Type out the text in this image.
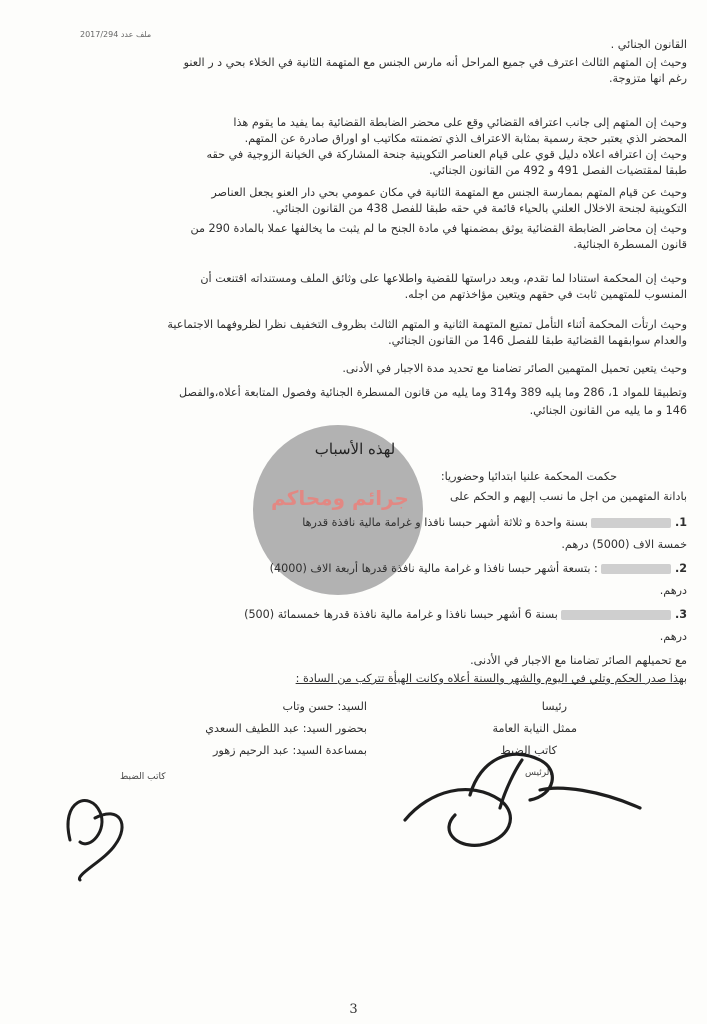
ملف عدد 2017/294
القانون الجنائي .
وحيث إن المتهم الثالث اعترف في جميع المراحل أنه مارس الجنس مع المتهمة الثانية في الخلاء بحي د ر العنو
رغم انها متزوجة.
وحيث إن المتهم إلى جانب اعترافه القضائي وقع على محضر الضابطة القضائية بما يفيد ما يقوم هذا
المحضر الذي يعتبر حجة رسمية بمثابة الاعتراف الذي تضمنته مكاتيب او اوراق صادرة عن المتهم.
وحيث إن اعترافه اعلاه دليل قوي على قيام العناصر التكوينية جنحة المشاركة في الخيانة الزوجية في حقه
طبقا لمقتضيات الفصل 491 و 492 من القانون الجنائي.
وحيث عن قيام المتهم بممارسة الجنس مع المتهمة الثانية في مكان عمومي بحي دار العنو يجعل العناصر
التكوينية لجنحة الاخلال العلني بالحياء قائمة في حقه طبقا للفصل 438 من القانون الجنائي.
وحيث إن محاضر الضابطة القضائية يوثق بمضمنها في مادة الجنح ما لم يثبت ما يخالفها عملا بالمادة 290 من
قانون المسطرة الجنائية.
وحيث إن المحكمة استنادا لما تقدم، وبعد دراستها للقضية واطلاعها على وثائق الملف ومستنداته اقتنعت أن
المنسوب للمتهمين ثابت في حقهم ويتعين مؤاخذتهم من اجله.
وحيث ارتأت المحكمة أثناء التأمل تمتيع المتهمة الثانية و المتهم الثالث بظروف التخفيف نظرا لظروفهما الاجتماعية
والعدام سوابقهما القضائية طبقا للفصل 146 من القانون الجنائي.
وحيث يتعين تحميل المتهمين الصائر تضامنا مع تحديد مدة الاجبار في الأدنى.
وتطبيقا للمواد 1، 286 وما يليه 389 و314 وما يليه من قانون المسطرة الجنائية وفصول المتابعة أعلاه،والفصل
146 و ما يليه من القانون الجنائي.
لهذه الأسباب
جرائم ومحاكم
حكمت المحكمة علنيا ابتدائيا وحضوريا:
بادانة المتهمين من اجل ما نسب إليهم و الحكم على
1.  بسنة واحدة و ثلاثة أشهر حبسا نافذا و غرامة مالية نافذة قدرها
خمسة الاف (5000) درهم.
2.  : بتسعة أشهر حبسا نافذا و غرامة مالية نافذة قدرها أربعة الاف (4000)
درهم.
3.  بسنة 6 أشهر حبسا نافذا و غرامة مالية نافذة قدرها خمسمائة (500)
درهم.
مع تحميلهم الصائر تضامنا مع الاجبار في الأدنى.
بهذا صدر الحكم وتلي في اليوم والشهر والسنة أعلاه وكانت الهيأة تتركب من السادة :
السيد: حسن وتاب	رئيسا
بحضور السيد: عبد اللطيف السعدي	ممثل النيابة العامة
بمساعدة السيد: عبد الرحيم زهور	كاتب الضبط
الرئيس
كاتب الضبط
3
